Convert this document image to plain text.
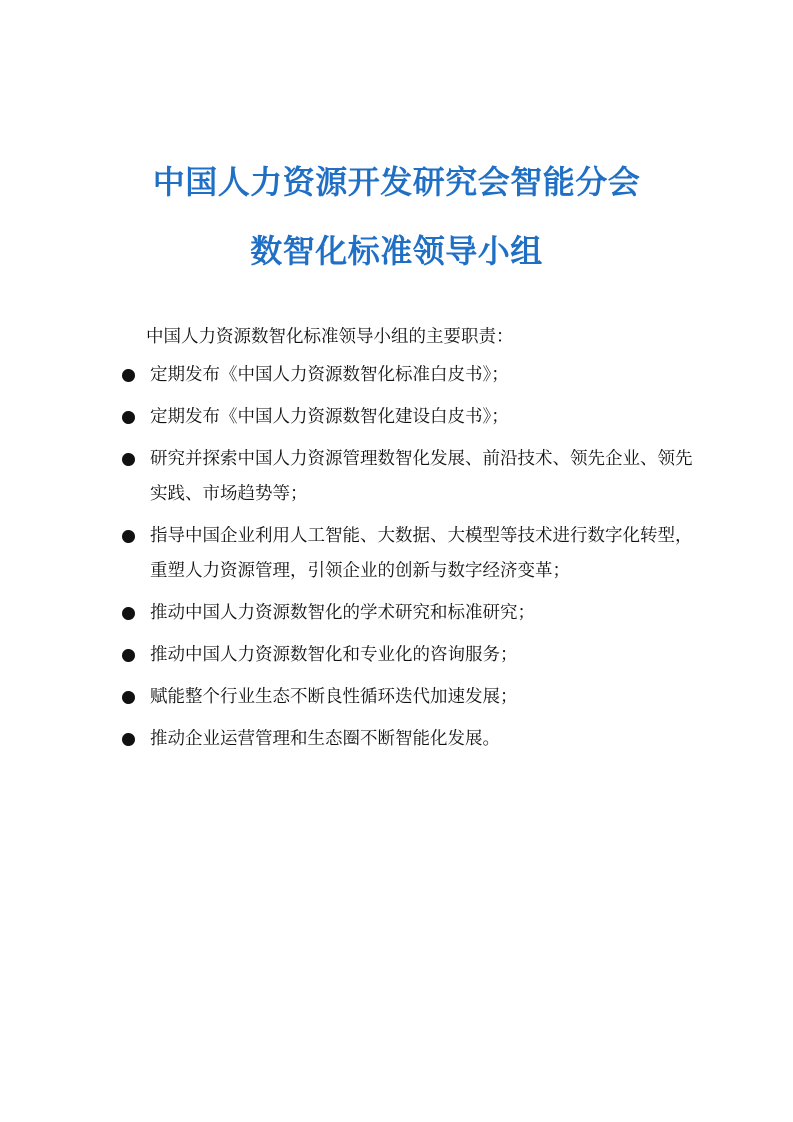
中国人力资源开发研究会智能分会
数智化标准领导小组

中国人力资源数智化标准领导小组的主要职责：

定期发布《中国人力资源数智化标准白皮书》；
定期发布《中国人力资源数智化建设白皮书》；
研究并探索中国人力资源管理数智化发展、前沿技术、领先企业、领先实践、市场趋势等；
指导中国企业利用人工智能、大数据、大模型等技术进行数字化转型，重塑人力资源管理，引领企业的创新与数字经济变革；
推动中国人力资源数智化的学术研究和标准研究；
推动中国人力资源数智化和专业化的咨询服务；
赋能整个行业生态不断良性循环迭代加速发展；
推动企业运营管理和生态圈不断智能化发展。
